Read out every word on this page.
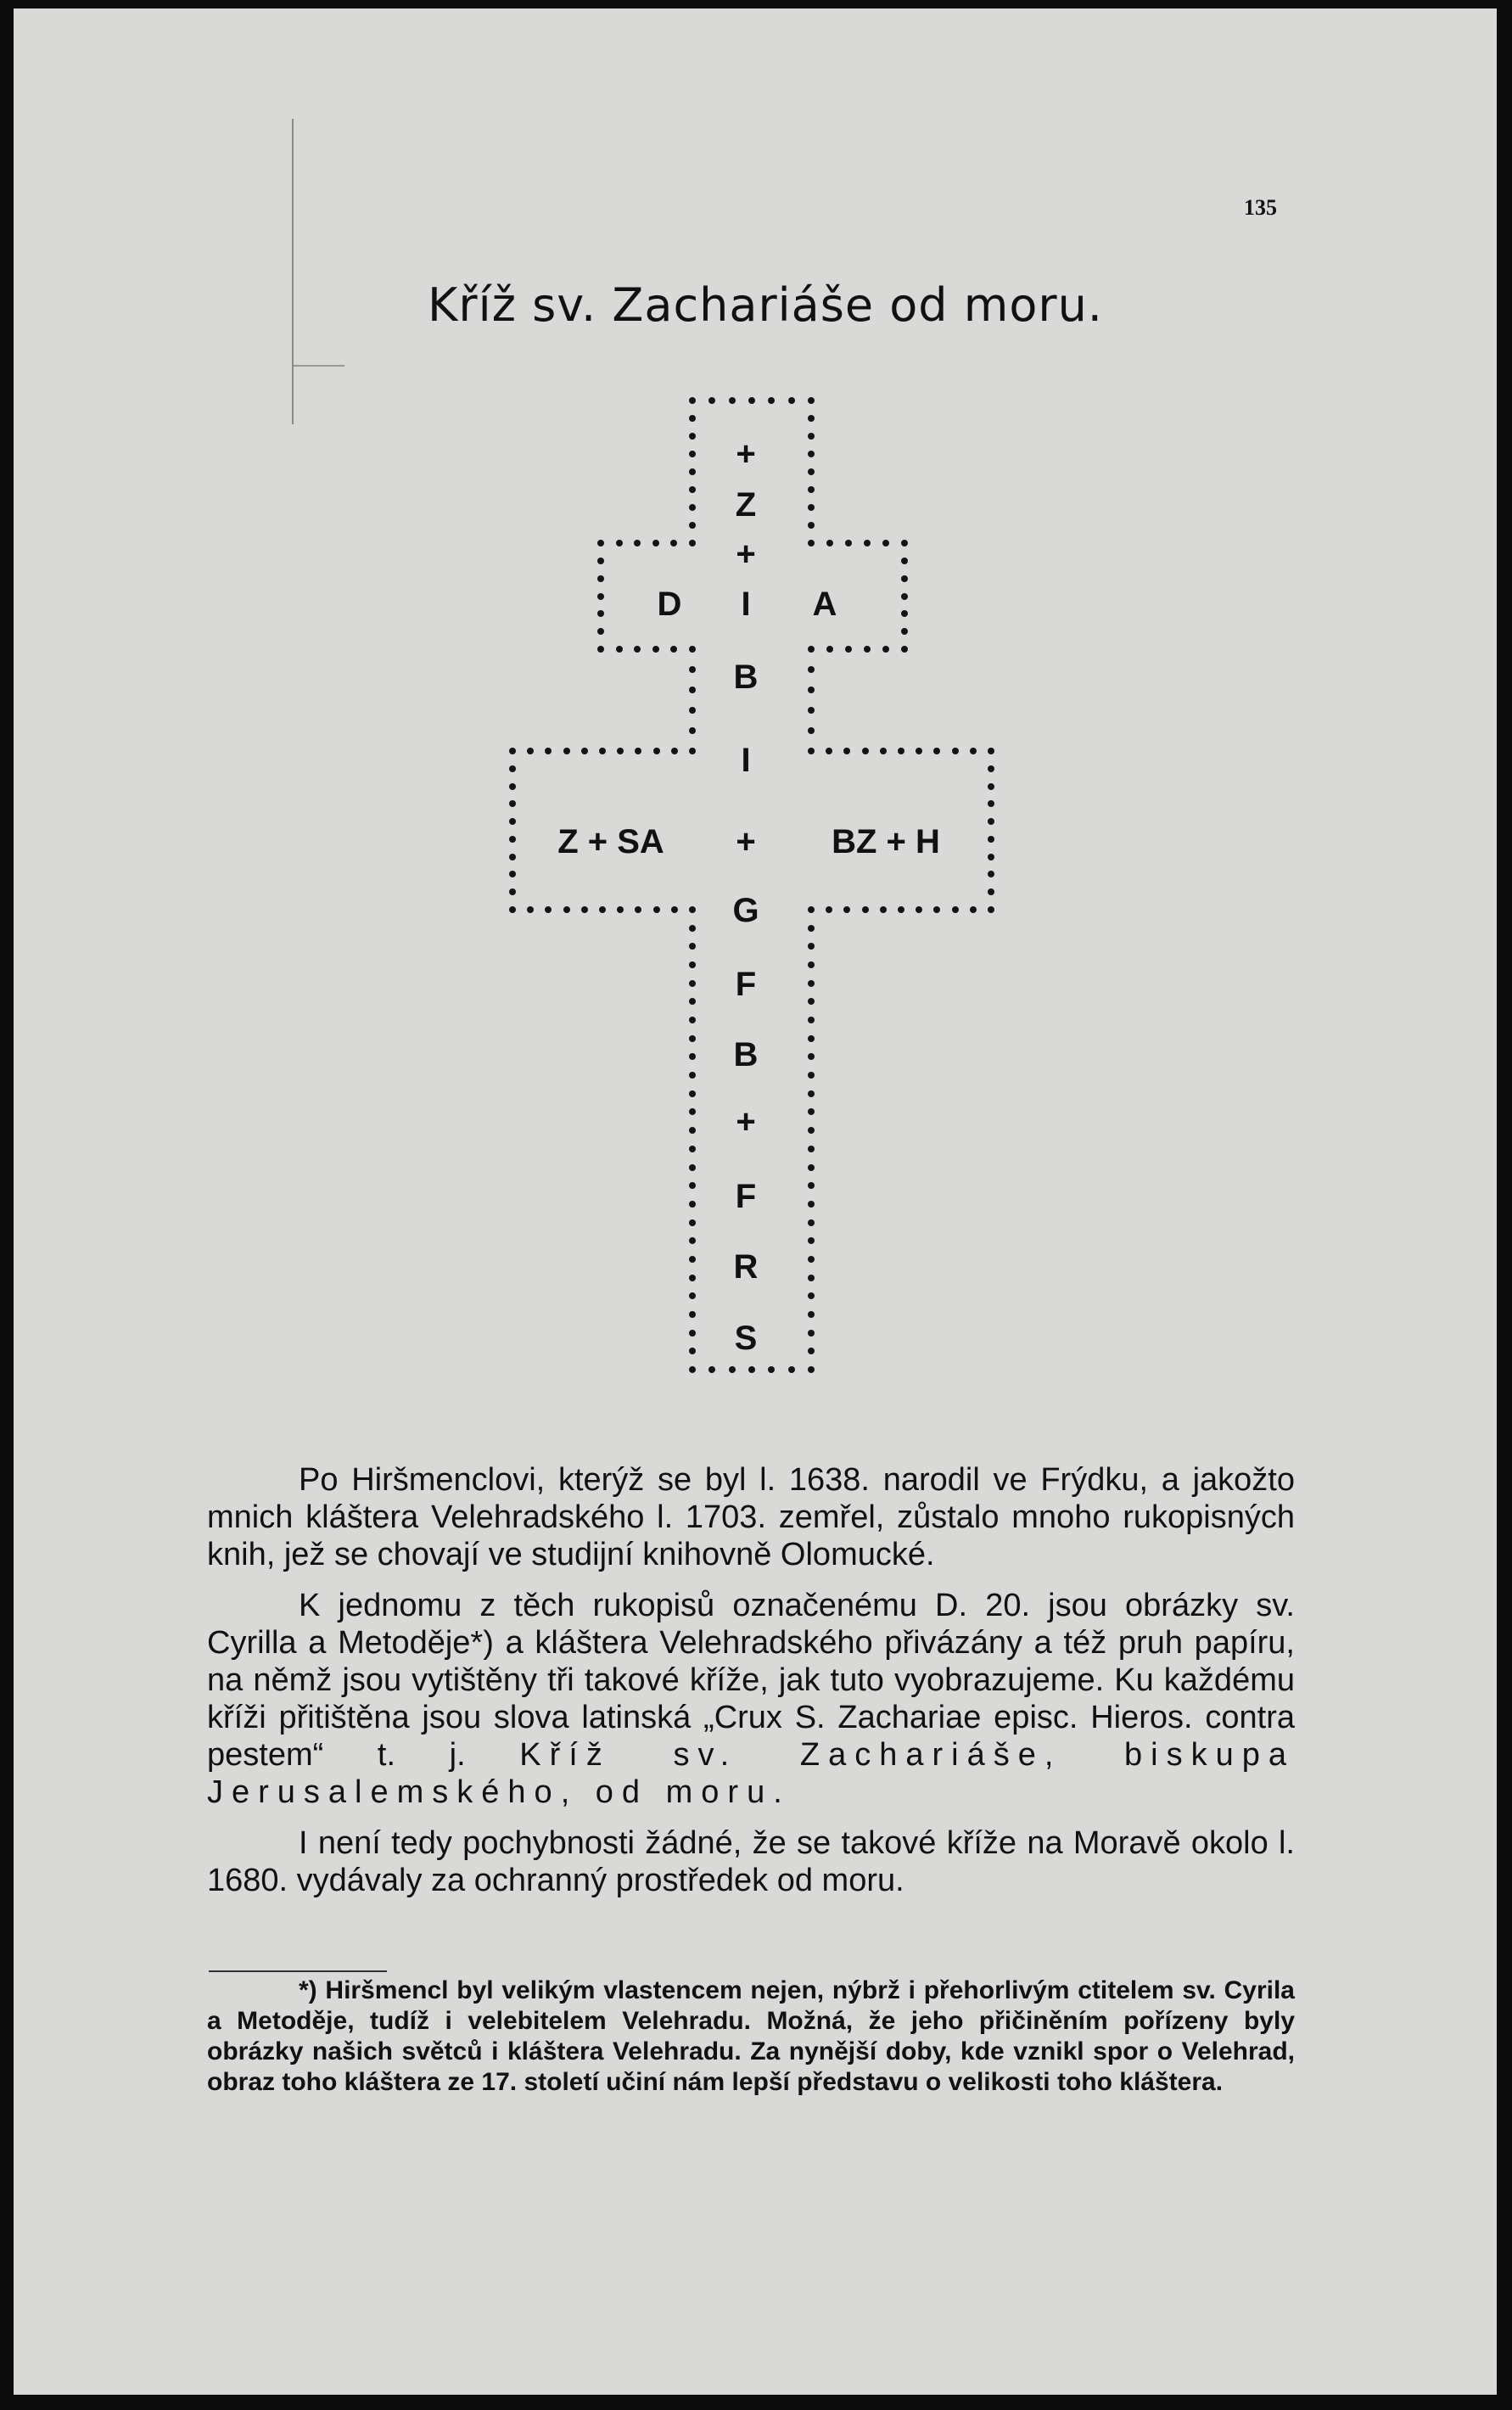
135
Kříž sv. Zachariáše od moru.
+
Z
+
D	I	A
B
I
Z + SA	+	BZ + H
G
F
B
+
F
R
S

Po Hiršmenclovi, kterýž se byl l. 1638. narodil ve Frýdku, a jakožto mnich kláštera Velehradského l. 1703. zemřel, zůstalo mnoho rukopisných knih, jež se chovají ve studijní knihovně Olomucké.

K jednomu z těch rukopisů označenému D. 20. jsou obrázky sv. Cyrilla a Metoděje*) a kláštera Velehradského přivázány a též pruh papíru, na němž jsou vytištěny tři takové kříže, jak tuto vyobrazujeme. Ku každému kříži přitištěna jsou slova latinská „Crux S. Zachariae episc. Hieros. contra pestem“ t. j. Kříž sv. Zachariáše, biskupa Jerusalemského, od moru.

I není tedy pochybnosti žádné, že se takové kříže na Moravě okolo l. 1680. vydávaly za ochranný prostředek od moru.

*) Hiršmencl byl velikým vlastencem nejen, nýbrž i přehorlivým ctitelem sv. Cyrila a Metoděje, tudíž i velebitelem Velehradu. Možná, že jeho přičiněním pořízeny byly obrázky našich světců i kláštera Velehradu. Za nynější doby, kde vznikl spor o Velehrad, obraz toho kláštera ze 17. století učiní nám lepší představu o velikosti toho kláštera.
